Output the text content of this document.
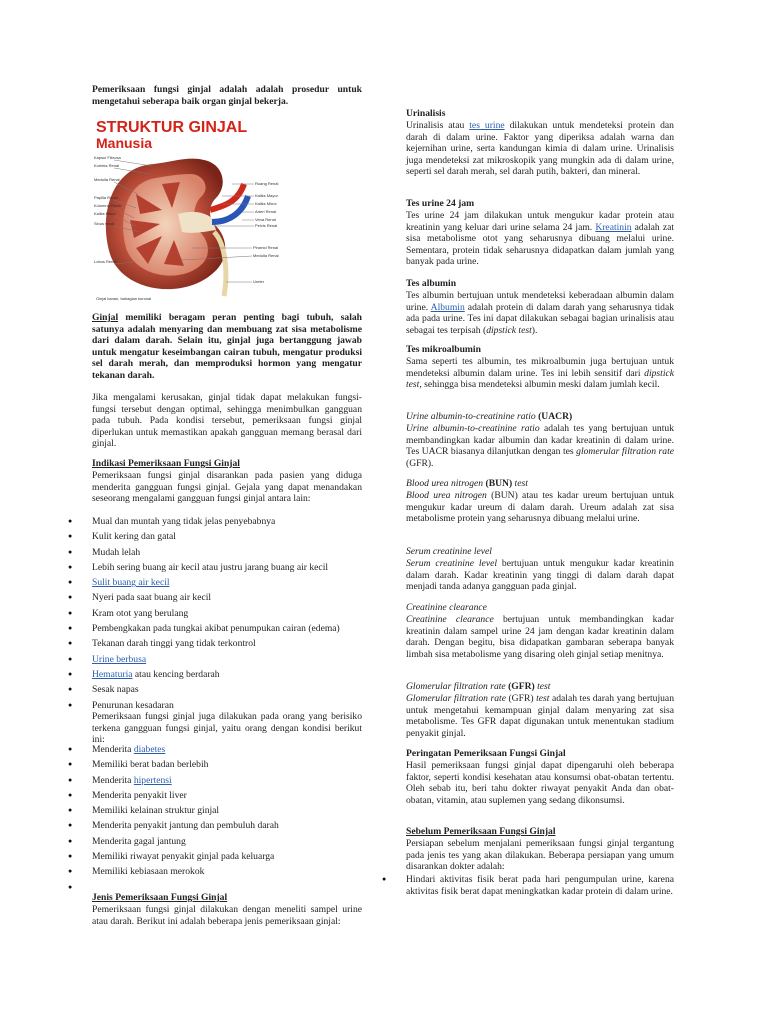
Pemeriksaan fungsi ginjal adalah adalah prosedur untuk mengetahui seberapa baik organ ginjal bekerja.

STRUKTUR GINJAL
Manusia
Kapsul Fibrosa
Korteks Renal
Medulla Renal
Papilla Renal
Kolumna Renal
Kaliks Minor
Sinus renal
Lobus Renal
Ruang Renal
Kaliks Mayor
Kaliks Minor
Arteri Renal
Vena Renal
Pelvis Renal
Piramid Renal
Medulla Renal
Ureter
Ginjal kanan, bahagian koronal

Ginjal memiliki beragam peran penting bagi tubuh, salah satunya adalah menyaring dan membuang zat sisa metabolisme dari dalam darah. Selain itu, ginjal juga bertanggung jawab untuk mengatur keseimbangan cairan tubuh, mengatur produksi sel darah merah, dan memproduksi hormon yang mengatur tekanan darah.

Jika mengalami kerusakan, ginjal tidak dapat melakukan fungsi-fungsi tersebut dengan optimal, sehingga menimbulkan gangguan pada tubuh. Pada kondisi tersebut, pemeriksaan fungsi ginjal diperlukan untuk memastikan apakah gangguan memang berasal dari ginjal.

Indikasi Pemeriksaan Fungsi Ginjal

Pemeriksaan fungsi ginjal disarankan pada pasien yang diduga menderita gangguan fungsi ginjal. Gejala yang dapat menandakan seseorang mengalami gangguan fungsi ginjal antara lain:

● Mual dan muntah yang tidak jelas penyebabnya
● Kulit kering dan gatal
● Mudah lelah
● Lebih sering buang air kecil atau justru jarang buang air kecil
● Sulit buang air kecil
● Nyeri pada saat buang air kecil
● Kram otot yang berulang
● Pembengkakan pada tungkai akibat penumpukan cairan (edema)
● Tekanan darah tinggi yang tidak terkontrol
● Urine berbusa
● Hematuria atau kencing berdarah
● Sesak napas
● Penurunan kesadaran

Pemeriksaan fungsi ginjal juga dilakukan pada orang yang berisiko terkena gangguan fungsi ginjal, yaitu orang dengan kondisi berikut ini:

● Menderita diabetes
● Memiliki berat badan berlebih
● Menderita hipertensi
● Menderita penyakit liver
● Memiliki kelainan struktur ginjal
● Menderita penyakit jantung dan pembuluh darah
● Menderita gagal jantung
● Memiliki riwayat penyakit ginjal pada keluarga
● Memiliki kebiasaan merokok
●

Jenis Pemeriksaan Fungsi Ginjal

Pemeriksaan fungsi ginjal dilakukan dengan meneliti sampel urine atau darah. Berikut ini adalah beberapa jenis pemeriksaan ginjal:

Urinalisis

Urinalisis atau tes urine dilakukan untuk mendeteksi protein dan darah di dalam urine. Faktor yang diperiksa adalah warna dan kejernihan urine, serta kandungan kimia di dalam urine. Urinalisis juga mendeteksi zat mikroskopik yang mungkin ada di dalam urine, seperti sel darah merah, sel darah putih, bakteri, dan mineral.

Tes urine 24 jam

Tes urine 24 jam dilakukan untuk mengukur kadar protein atau kreatinin yang keluar dari urine selama 24 jam. Kreatinin adalah zat sisa metabolisme otot yang seharusnya dibuang melalui urine. Sementara, protein tidak seharusnya didapatkan dalam jumlah yang banyak pada urine.

Tes albumin

Tes albumin bertujuan untuk mendeteksi keberadaan albumin dalam urine. Albumin adalah protein di dalam darah yang seharusnya tidak ada pada urine. Tes ini dapat dilakukan sebagai bagian urinalisis atau sebagai tes terpisah (dipstick test).

Tes mikroalbumin

Sama seperti tes albumin, tes mikroalbumin juga bertujuan untuk mendeteksi albumin dalam urine. Tes ini lebih sensitif dari dipstick test, sehingga bisa mendeteksi albumin meski dalam jumlah kecil.

Urine albumin-to-creatinine ratio (UACR)

Urine albumin-to-creatinine ratio adalah tes yang bertujuan untuk membandingkan kadar albumin dan kadar kreatinin di dalam urine. Tes UACR biasanya dilanjutkan dengan tes glomerular filtration rate (GFR).

Blood urea nitrogen (BUN) test

Blood urea nitrogen (BUN) atau tes kadar ureum bertujuan untuk mengukur kadar ureum di dalam darah. Ureum adalah zat sisa metabolisme protein yang seharusnya dibuang melalui urine.

Serum creatinine level

Serum creatinine level bertujuan untuk mengukur kadar kreatinin dalam darah. Kadar kreatinin yang tinggi di dalam darah dapat menjadi tanda adanya gangguan pada ginjal.

Creatinine clearance

Creatinine clearance bertujuan untuk membandingkan kadar kreatinin dalam sampel urine 24 jam dengan kadar kreatinin dalam darah. Dengan begitu, bisa didapatkan gambaran seberapa banyak limbah sisa metabolisme yang disaring oleh ginjal setiap menitnya.

Glomerular filtration rate (GFR) test

Glomerular filtration rate (GFR) test adalah tes darah yang bertujuan untuk mengetahui kemampuan ginjal dalam menyaring zat sisa metabolisme. Tes GFR dapat digunakan untuk menentukan stadium penyakit ginjal.

Peringatan Pemeriksaan Fungsi Ginjal

Hasil pemeriksaan fungsi ginjal dapat dipengaruhi oleh beberapa faktor, seperti kondisi kesehatan atau konsumsi obat-obatan tertentu. Oleh sebab itu, beri tahu dokter riwayat penyakit Anda dan obat-obatan, vitamin, atau suplemen yang sedang dikonsumsi.

Sebelum Pemeriksaan Fungsi Ginjal

Persiapan sebelum menjalani pemeriksaan fungsi ginjal tergantung pada jenis tes yang akan dilakukan. Beberapa persiapan yang umum disarankan dokter adalah:

● Hindari aktivitas fisik berat pada hari pengumpulan urine, karena aktivitas fisik berat dapat meningkatkan kadar protein di dalam urine.
